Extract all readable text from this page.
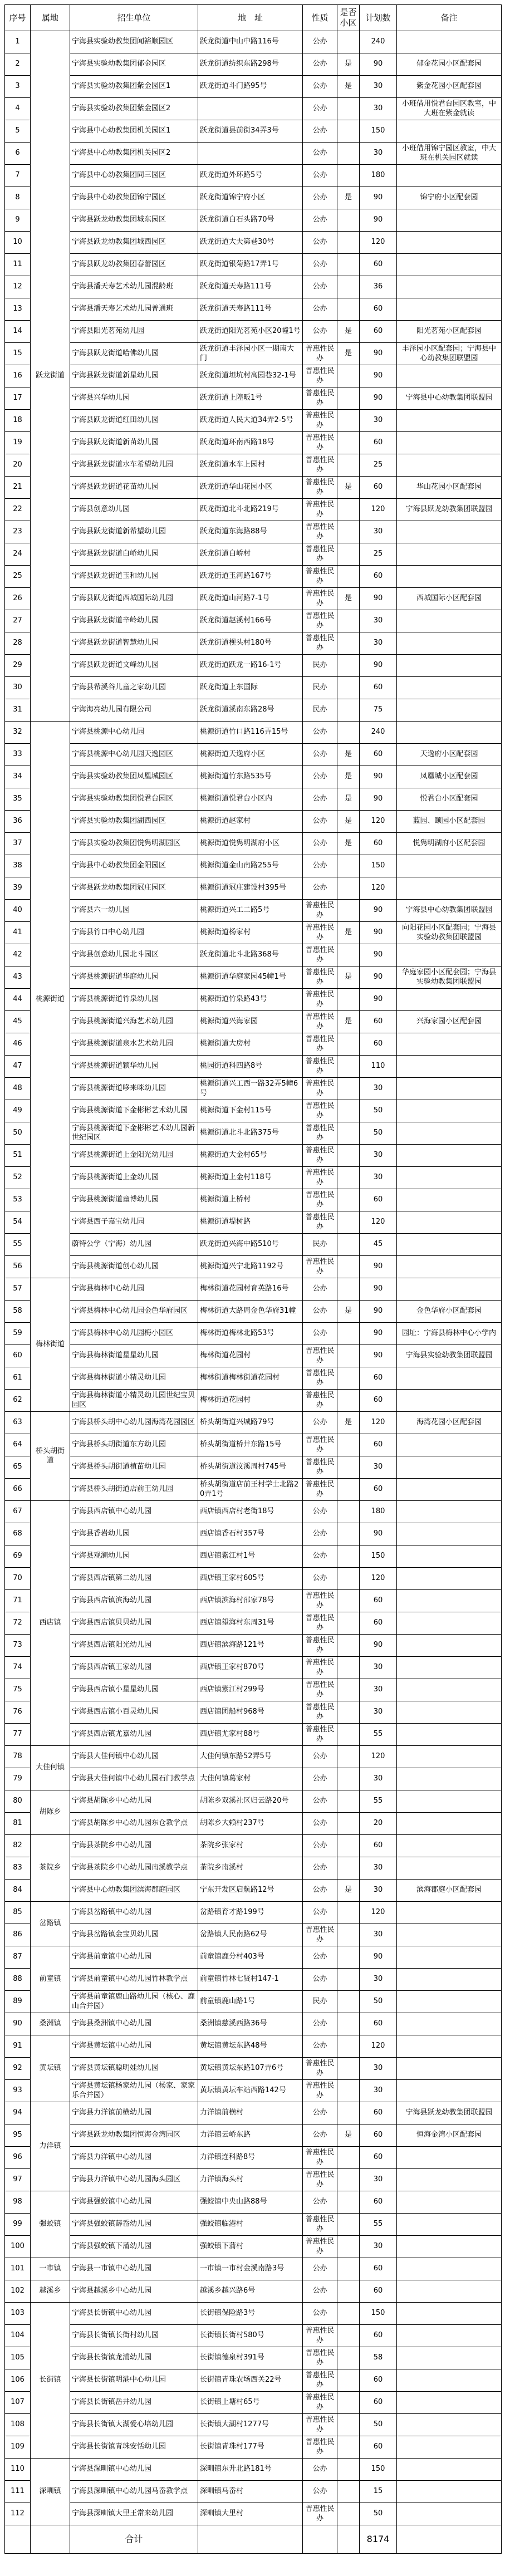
序号	属地	招生单位	地　址	性质	是否小区	计划数	备注
1	跃龙街道	宁海县实验幼教集团闻裕顺园区	跃龙街道中山中路116号	公办		240	
2		宁海县实验幼教集团郁金园区	跃龙街道纺织东路298号	公办	是	90	郁金花园小区配套园
3		宁海县实验幼教集团紫金园区1	跃龙街道斗门路95号	公办	是	30	紫金花园小区配套园
4		宁海县实验幼教集团紫金园区2		公办		30	小班借用悦君台园区教室，中大班在紫金就读
5		宁海县中心幼教集团机关园区1	跃龙街道县前街34弄3号	公办		150	
6		宁海县中心幼教集团机关园区2		公办		30	小班借用锦宁园区教室，中大班在机关园区就读
7		宁海县中心幼教集团同三园区	跃龙街道外环路5号	公办		180	
8		宁海县中心幼教集团锦宁园区	跃龙街道锦宁府小区	公办	是	90	锦宁府小区配套园
9		宁海县跃龙幼教集团城东园区	跃龙街道白石头路70号	公办		90	
10		宁海县跃龙幼教集团城西园区	跃龙街道大夫第巷30号	公办		120	
11		宁海县跃龙幼教集团春蕾园区	跃龙街道银菊路17弄1号	公办		60	
12		宁海县潘天寿艺术幼儿园混龄班	跃龙街道天寿路111号	公办		36	
13		宁海县潘天寿艺术幼儿园普通班	跃龙街道天寿路111号	公办		60	
14		宁海县阳光茗苑幼儿园	跃龙街道阳光茗苑小区20幢1号	公办	是	60	阳光茗苑小区配套园
15		宁海县跃龙街道哈佛幼儿园	跃龙街道丰泽园小区一期南大门	普惠性民办	是	90	丰泽园小区配套园；宁海县中心幼教集团联盟园
16		宁海县跃龙街道新星幼儿园	跃龙街道坦坑村高园巷32-1号	普惠性民办		90	
17		宁海县兴华幼儿园	跃龙街道上隍畈1号	普惠性民办		90	宁海县中心幼教集团联盟园
18		宁海县跃龙街道红田幼儿园	跃龙街道人民大道34弄2-5号	普惠性民办		30	
19		宁海县跃龙街道新苗幼儿园	跃龙街道环南西路18号	普惠性民办		60	
20		宁海县跃龙街道水车希望幼儿园	跃龙街道水车上园村	普惠性民办		25	
21		宁海县跃龙街道花苗幼儿园	跃龙街道华山花园小区	普惠性民办	是	60	华山花园小区配套园
22		宁海县创意幼儿园	跃龙街道北斗北路219号	普惠性民办		120	宁海县跃龙幼教集团联盟园
23		宁海县跃龙街道新希望幼儿园	跃龙街道东海路88号	普惠性民办		30	
24		宁海县跃龙街道白峤幼儿园	跃龙街道白峤村	普惠性民办		25	
25		宁海县跃龙街道玉和幼儿园	跃龙街道玉河路167号	普惠性民办		60	
26		宁海县跃龙街道西城国际幼儿园	跃龙街道山河路7-1号	普惠性民办	是	90	西城国际小区配套园
27		宁海县跃龙街道辛岭幼儿园	跃龙街道赵溪村166号	普惠性民办		30	
28		宁海县跃龙街道智慧幼儿园	跃龙街道枧头村180号	普惠性民办		30	
29		宁海县跃龙街道文峰幼儿园	跃龙街道跃龙一路16-1号	民办		90	
30		宁海县希溪谷儿童之家幼儿园	跃龙街道上东国际	民办		60	
31		宁海海亮幼儿园有限公司	跃龙街道溪南东路28号	民办		75	
32	桃源街道	宁海县桃源中心幼儿园	桃源街道竹口路116弄15号	公办		240	
33		宁海县桃源中心幼儿园天逸园区	桃源街道天逸府小区	公办	是	60	天逸府小区配套园
34		宁海县实验幼教集团凤凰城园区	桃源街道竹东路535号	公办	是	90	凤凰城小区配套园
35		宁海县实验幼教集团悦君台园区	桃源街道悦君台小区内	公办	是	90	悦君台小区配套园
36		宁海县实验幼教集团湖西园区	桃源街道赵家村	公办	是	120	蓝园、颐园小区配套园
37		宁海县实验幼教集团悦隽明湖园区	桃源街道悦隽明湖府小区	公办	是	60	悦隽明湖府小区配套园
38		宁海县中心幼教集团金阳园区	桃源街道金山南路255号	公办		150	
39		宁海县跃龙幼教集团冠庄园区	桃源街道冠庄建设村395号	公办		120	
40		宁海县六一幼儿园	桃源街道兴工二路5号	普惠性民办		90	宁海县中心幼教集团联盟园
41		宁海县竹口中心幼儿园	桃源街道杨家村	普惠性民办	是	90	向阳花园小区配套园；宁海县实验幼教集团联盟园
42		宁海县创意幼儿园北斗园区	跃龙街道北斗北路368号	普惠性民办		90	
43		宁海县桃源街道华庭幼儿园	桃源街道华庭家园45幢1号	普惠性民办	是	90	华庭家园小区配套园；宁海县实验幼教集团联盟园
44		宁海县桃源街道竹泉幼儿园	桃源街道竹泉路43号	普惠性民办		90	
45		宁海县桃源街道兴海艺术幼儿园	桃源街道兴海家园	普惠性民办	是	60	兴海家园小区配套园
46		宁海县桃源街道泉水艺术幼儿园	桃源街道大房村	普惠性民办		60	
47		宁海县桃源街道颖华幼儿园	桃园街道科四路8号	普惠性民办		110	
48		宁海县桃源街道哆来咪幼儿园	桃源街道兴工西一路32弄5幢6号	普惠性民办		30	
49		宁海县桃源街道下金彬彬艺术幼儿园	桃源街道下金村115号	普惠性民办		50	
50		宁海县桃源街道下金彬彬艺术幼儿园新世纪园区	桃源街道北斗北路375号	普惠性民办		50	
51		宁海县桃源街道上金阳光幼儿园	桃源街道大金村65号	普惠性民办		30	
52		宁海县桃源街道上金幼儿园	桃源街道上金村118号	普惠性民办		30	
53		宁海县桃源街道童博幼儿园	桃源街道上桥村	普惠性民办		60	
54		宁海县西子嘉宝幼儿园	桃源街道堤树路	普惠性民办		120	
55		蔚特公学（宁海）幼儿园	跃龙街道兴海中路510号	民办		45	
56		宁海县桃源街道创心幼儿园	桃源街道兴宁北路1192号	普惠性民办		90	
57	梅林街道	宁海县梅林中心幼儿园	梅林街道花园村育英路16号	公办		90	
58		宁海县梅林中心幼儿园金色华府园区	梅林街道大路周金色华府31幢	公办	是	90	金色华府小区配套园
59		宁海县梅林中心幼儿园梅小园区	梅林街道梅林北路53号	公办		90	园址：宁海县梅林中心小学内
60		宁海县梅林街道星星幼儿园	梅林街道花园村	普惠性民办		90	宁海县实验幼教集团联盟园
61		宁海县梅林街道小精灵幼儿园	梅林街道梅林街道花园村	普惠性民办		60	
62		宁海县梅林街道小精灵幼儿园世纪宝贝园区	梅林街道花园村	普惠性民办		60	
63	桥头胡街道	宁海县桥头胡中心幼儿园海湾花园园区	桥头胡街道兴城路79号	公办	是	120	海湾花园小区配套园
64		宁海县桥头胡街道东方幼儿园	桥头胡街道桥井东路15号	普惠性民办		60	
65		宁海县桥头胡街道植苗幼儿园	桥头胡街道汶溪周村745号	普惠性民办		30	
66		宁海县桥头胡街道店前王幼儿园	桥头胡街道店前王村学士北路20弄1号	普惠性民办		60	
67	西店镇	宁海县西店镇中心幼儿园	西店镇西店村老街18号	公办		180	
68		宁海县香岩幼儿园	西店镇香石村357号	公办		90	
69		宁海县观澜幼儿园	西店镇紫江村1号	公办		150	
70		宁海县西店镇第二幼儿园	西店镇王家村605号	公办		120	
71		宁海县西店镇滨海幼儿园	西店镇滨海村邵家78号	普惠性民办		60	
72		宁海县西店镇贝贝幼儿园	西店镇望海村东周31号	普惠性民办		60	
73		宁海县西店镇阳光幼儿园	西店镇滨海路121号	普惠性民办		90	
74		宁海县西店镇王家幼儿园	西店镇王家村870号	普惠性民办		30	
75		宁海县西店镇小星星幼儿园	西店镇紫江村299号	普惠性民办		30	
76		宁海县西店镇小百灵幼儿园	西店镇团船村968号	普惠性民办		30	
77		宁海县西店镇尤嘉幼儿园	西店镇尤家村88号	普惠性民办		55	
78	大佳何镇	宁海县大佳何镇中心幼儿园	大佳何镇东路52弄5号	公办		120	
79		宁海县大佳何镇中心幼儿园石门教学点	大佳何镇葛家村	公办		30	
80	胡陈乡	宁海县胡陈乡中心幼儿园	胡陈乡双溪社区归云路20号	公办		55	
81		宁海县胡陈乡中心幼儿园东仓教学点	胡陈乡大赖村237号	公办		20	
82	茶院乡	宁海县茶院乡中心幼儿园	茶院乡张家村	公办		60	
83		宁海县茶院乡中心幼儿园南溪教学点	茶院乡南溪村	公办		30	
84		宁海县中心幼教集团滨海郡庭园区	宁东开发区启航路12号	公办	是	30	滨海郡庭小区配套园
85	岔路镇	宁海县岔路镇中心幼儿园	岔路镇育才路199号	公办		120	
86		宁海县岔路镇金宝贝幼儿园	岔路镇人民南路62号	普惠性民办		30	
87	前童镇	宁海县前童镇中心幼儿园	前童镇鹿分村403号	公办		90	
88		宁海县前童镇中心幼儿园竹林教学点	前童镇竹林七贤村147-1	公办		30	
89		宁海县前童镇鹿山路幼儿园（核心、鹿山合并园）	前童镇鹿山路1号	民办		50	
90	桑洲镇	宁海县桑洲镇中心幼儿园	桑洲镇慈溪西路36号	公办		60	
91	黄坛镇	宁海县黄坛镇中心幼儿园	黄坛镇黄坛东路48号	公办		120	
92		宁海县黄坛镇聪明娃幼儿园	黄坛镇黄坛东路107弄6号	普惠性民办		30	
93		宁海县黄坛镇杨家幼儿园（杨家、家家乐合并园）	黄坛镇黄坛车站西路142号	普惠性民办		30	
94	力洋镇	宁海县力洋镇前横幼儿园	力洋镇前横村	公办		60	宁海县跃龙幼教集团联盟园
95		宁海县跃龙幼教集团恒海金湾园区	力洋镇云峤东路	公办	是	60	恒海金湾小区配套园
96		宁海县力洋镇中心幼儿园	力洋镇连科路8号	普惠性民办		60	
97		宁海县力洋镇中心幼儿园海头园区	力洋镇海头村	普惠性民办		30	
98	强蛟镇	宁海县强蛟镇中心幼儿园	强蛟镇中央山路88号	公办		60	
99		宁海县强蛟镇薛岙幼儿园	强蛟镇临港村	普惠性民办		55	
100		宁海县强蛟镇下蒲幼儿园	强蛟镇下蒲村	普惠性民办		30	
101	一市镇	宁海县一市镇中心幼儿园	一市镇一市村金溪南路3号	公办		60	
102	越溪乡	宁海县越溪乡中心幼儿园	越溪乡越兴路6号	公办		60	
103	长街镇	宁海县长街镇中心幼儿园	长街镇保险路3号	公办		150	
104		宁海县长街镇长街村幼儿园	长街镇长街村580号	普惠性民办		60	
105		宁海县长街镇龙浦幼儿园	长街镇德泉村391号	普惠性民办		58	
106		宁海县长街镇明港中心幼儿园	长街镇青珠农场西关22号	普惠性民办		60	
107		宁海县长街镇岳井幼儿园	长街镇上塘村65号	普惠性民办		60	
108		宁海县长街镇大湖爱心培幼儿园	长街镇大湖村1277号	普惠性民办		50	
109		宁海县长街镇青珠安恬幼儿园	长街镇青珠村177号	普惠性民办		60	
110	深甽镇	宁海县深甽镇中心幼儿园	深甽镇东升北路181号	公办		150	
111		宁海县深甽镇中心幼儿园马岙教学点	深甽镇马岙村	公办		15	
112		宁海县深甽镇大里王常来幼儿园	深甽镇大里村	普惠性民办		50	
		合计				8174	
